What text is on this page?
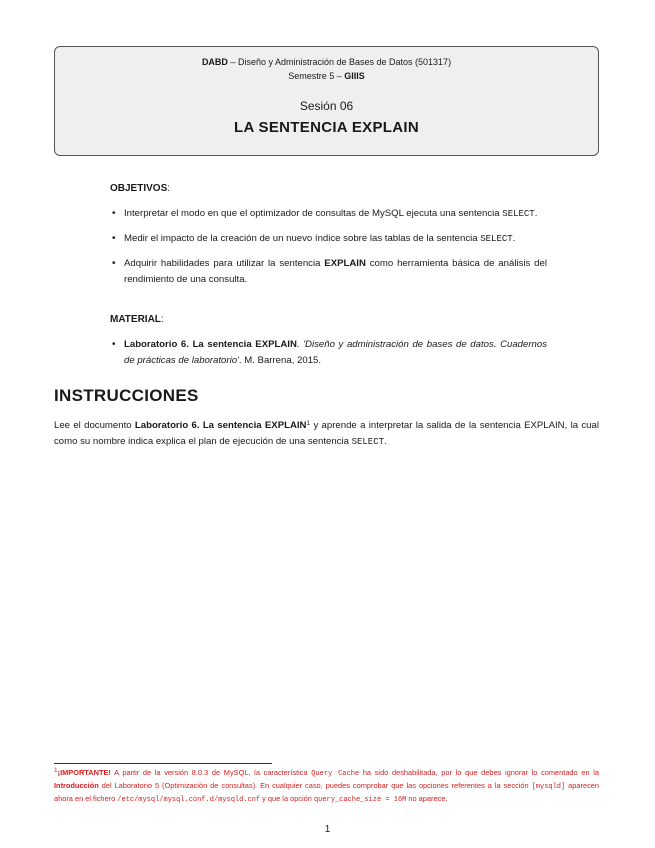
DABD – Diseño y Administración de Bases de Datos (501317)
Semestre 5 – GIIIS
Sesión 06
LA SENTENCIA EXPLAIN
OBJETIVOS:
• Interpretar el modo en que el optimizador de consultas de MySQL ejecuta una sentencia SELECT.
• Medir el impacto de la creación de un nuevo índice sobre las tablas de la sentencia SELECT.
• Adquirir habilidades para utilizar la sentencia EXPLAIN como herramienta básica de análisis del rendimiento de una consulta.
MATERIAL:
• Laboratorio 6. La sentencia EXPLAIN. 'Diseño y administración de bases de datos. Cuadernos de prácticas de laboratorio'. M. Barrena, 2015.
INSTRUCCIONES
Lee el documento Laboratorio 6. La sentencia EXPLAIN$^1$ y aprende a interpretar la salida de la sentencia EXPLAIN, la cual como su nombre indica explica el plan de ejecución de una sentencia SELECT.
$^1$¡IMPORTANTE! A partir de la versión 8.0.3 de MySQL, la característica Query Cache ha sido deshabilitada, por lo que debes ignorar lo comentado en la Introducción del Laboratorio 5 (Optimización de consultas). En cualquier caso, puedes comprobar que las opciones referentes a la sección [mysqld] aparecen ahora en el fichero /etc/mysql/mysql.conf.d/mysqld.cnf y que la opción query_cache_size = 16M no aparece.
1
